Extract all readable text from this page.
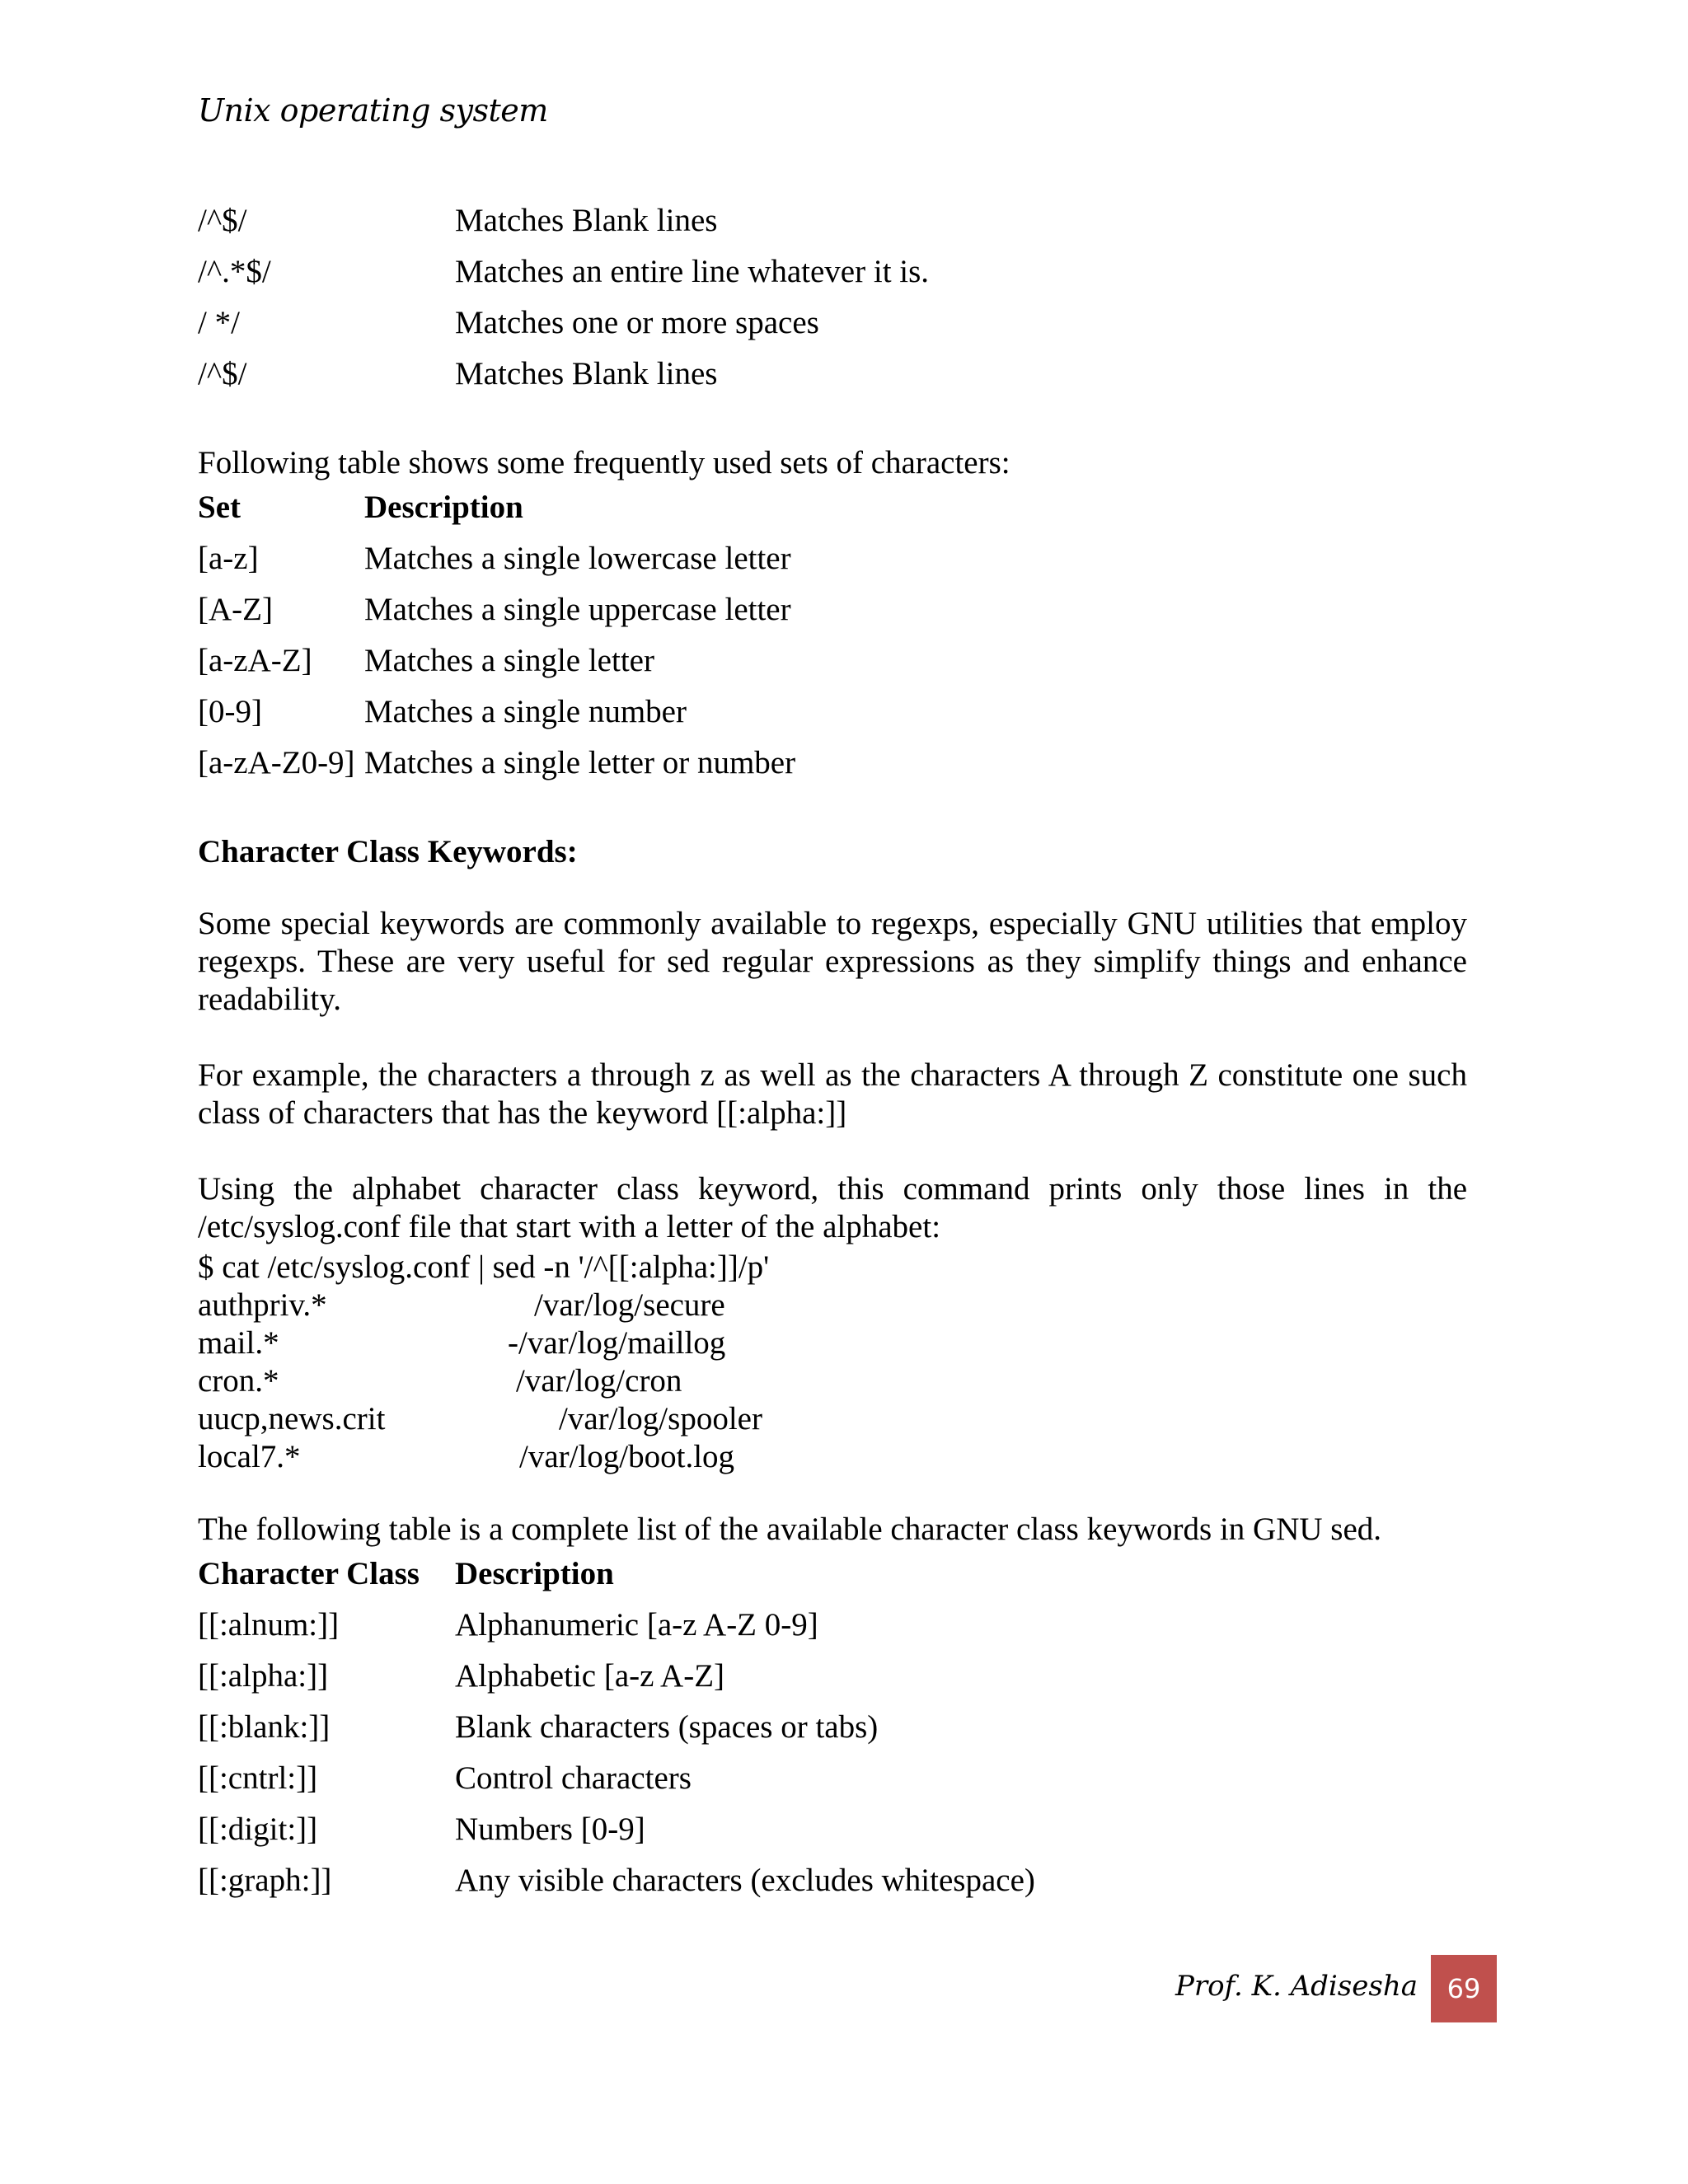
Unix operating system
/^$/	Matches Blank lines
/^.*$/	Matches an entire line whatever it is.
/ */	Matches one or more spaces
/^$/	Matches Blank lines
Following table shows some frequently used sets of characters:
Set	Description
[a-z]	Matches a single lowercase letter
[A-Z]	Matches a single uppercase letter
[a-zA-Z] Matches a single letter
[0-9]	Matches a single number
[a-zA-Z0-9] Matches a single letter or number
Character Class Keywords:
Some special keywords are commonly available to regexps, especially GNU utilities that employ regexps. These are very useful for sed regular expressions as they simplify things and enhance readability.
For example, the characters a through z as well as the characters A through Z constitute one such class of characters that has the keyword [[:alpha:]]
Using the alphabet character class keyword, this command prints only those lines in the /etc/syslog.conf file that start with a letter of the alphabet:
$ cat /etc/syslog.conf | sed -n '/^[[:alpha:]]/p'
authpriv.*	/var/log/secure
mail.*	-/var/log/maillog
cron.*	/var/log/cron
uucp,news.crit	/var/log/spooler
local7.*	/var/log/boot.log
The following table is a complete list of the available character class keywords in GNU sed.
Character Class Description
[[:alnum:]]	Alphanumeric [a-z A-Z 0-9]
[[:alpha:]]	Alphabetic [a-z A-Z]
[[:blank:]]	Blank characters (spaces or tabs)
[[:cntrl:]]	Control characters
[[:digit:]]	Numbers [0-9]
[[:graph:]]	Any visible characters (excludes whitespace)
Prof. K. Adisesha	69
